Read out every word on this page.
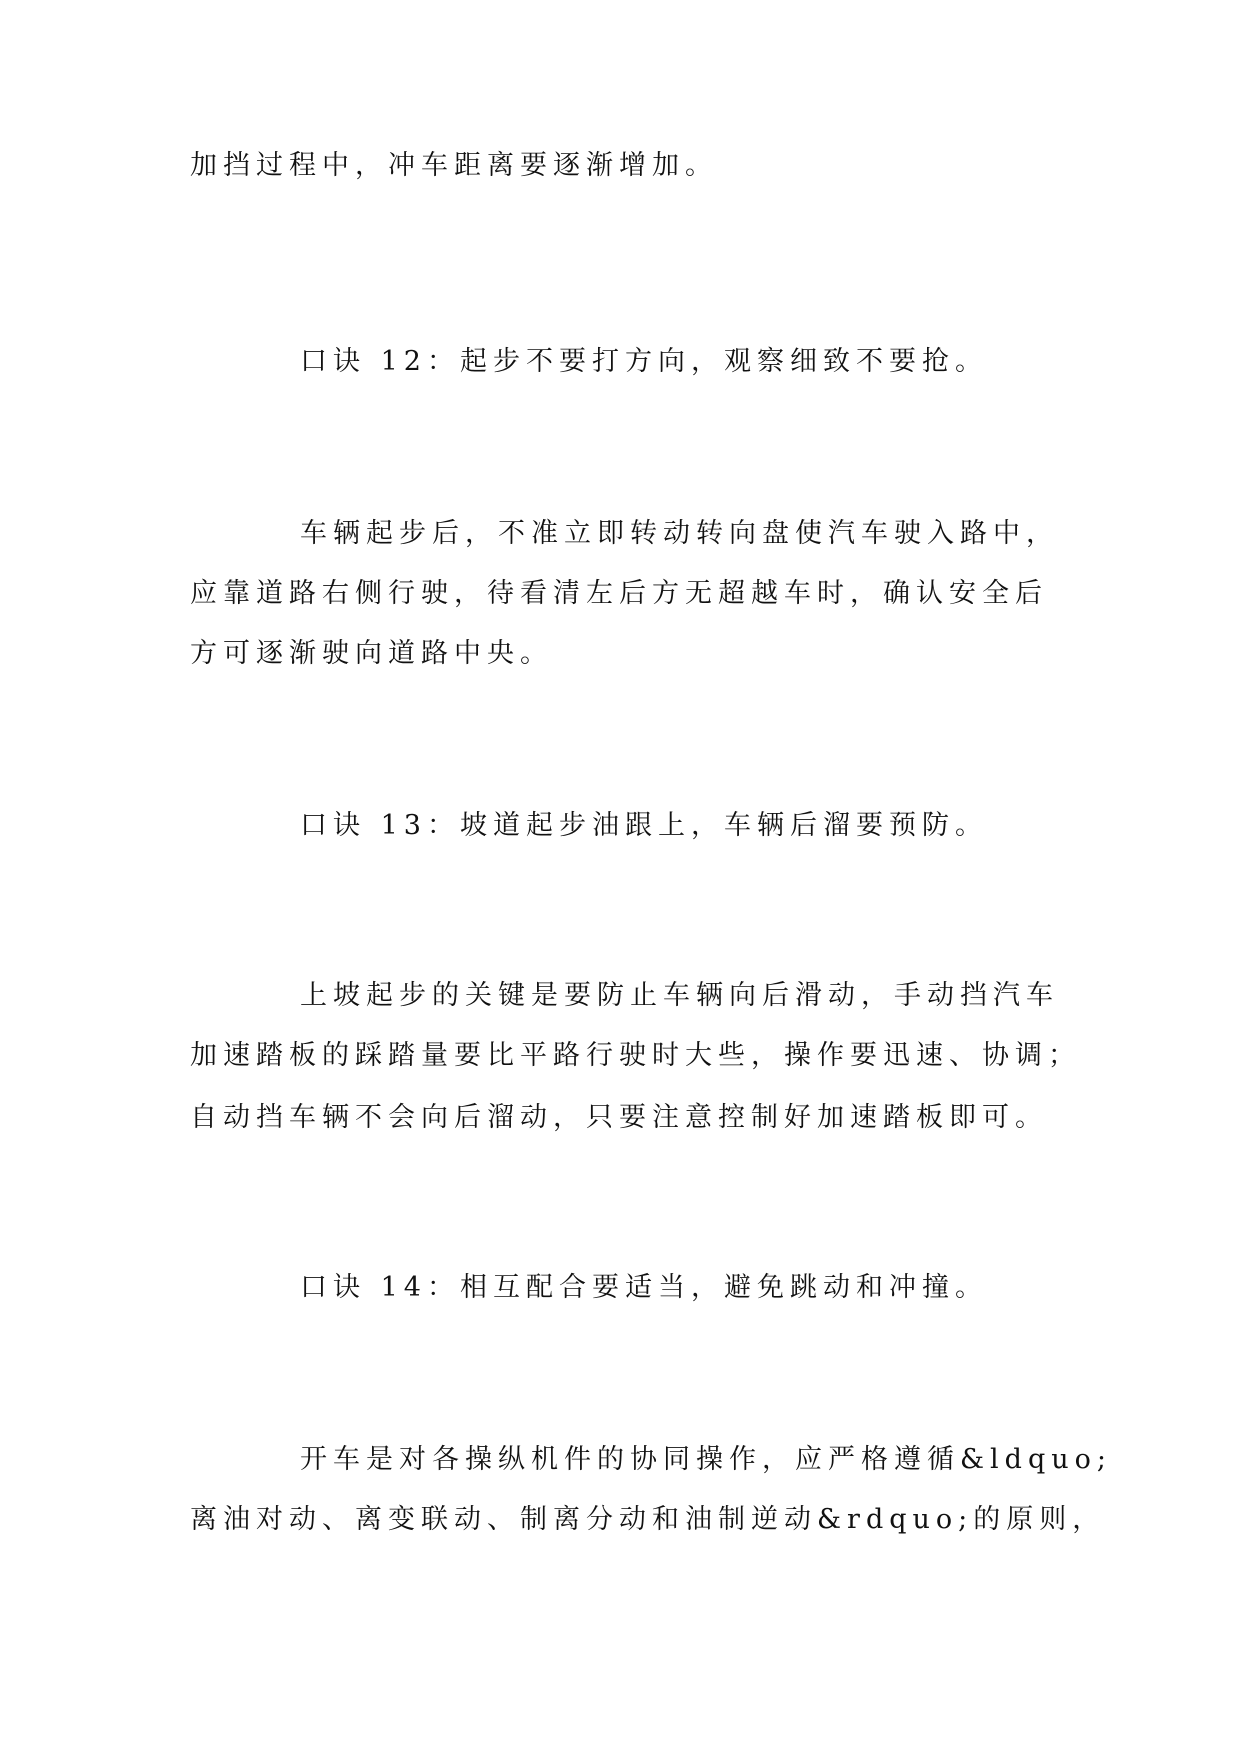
加挡过程中，冲车距离要逐渐增加。

口诀 12：起步不要打方向，观察细致不要抢。

车辆起步后，不准立即转动转向盘使汽车驶入路中，

应靠道路右侧行驶，待看清左后方无超越车时，确认安全后

方可逐渐驶向道路中央。

口诀 13：坡道起步油跟上，车辆后溜要预防。

上坡起步的关键是要防止车辆向后滑动，手动挡汽车

加速踏板的踩踏量要比平路行驶时大些，操作要迅速、协调；

自动挡车辆不会向后溜动，只要注意控制好加速踏板即可。

口诀 14：相互配合要适当，避免跳动和冲撞。

开车是对各操纵机件的协同操作，应严格遵循&ldquo;

离油对动、离变联动、制离分动和油制逆动&rdquo;的原则，
